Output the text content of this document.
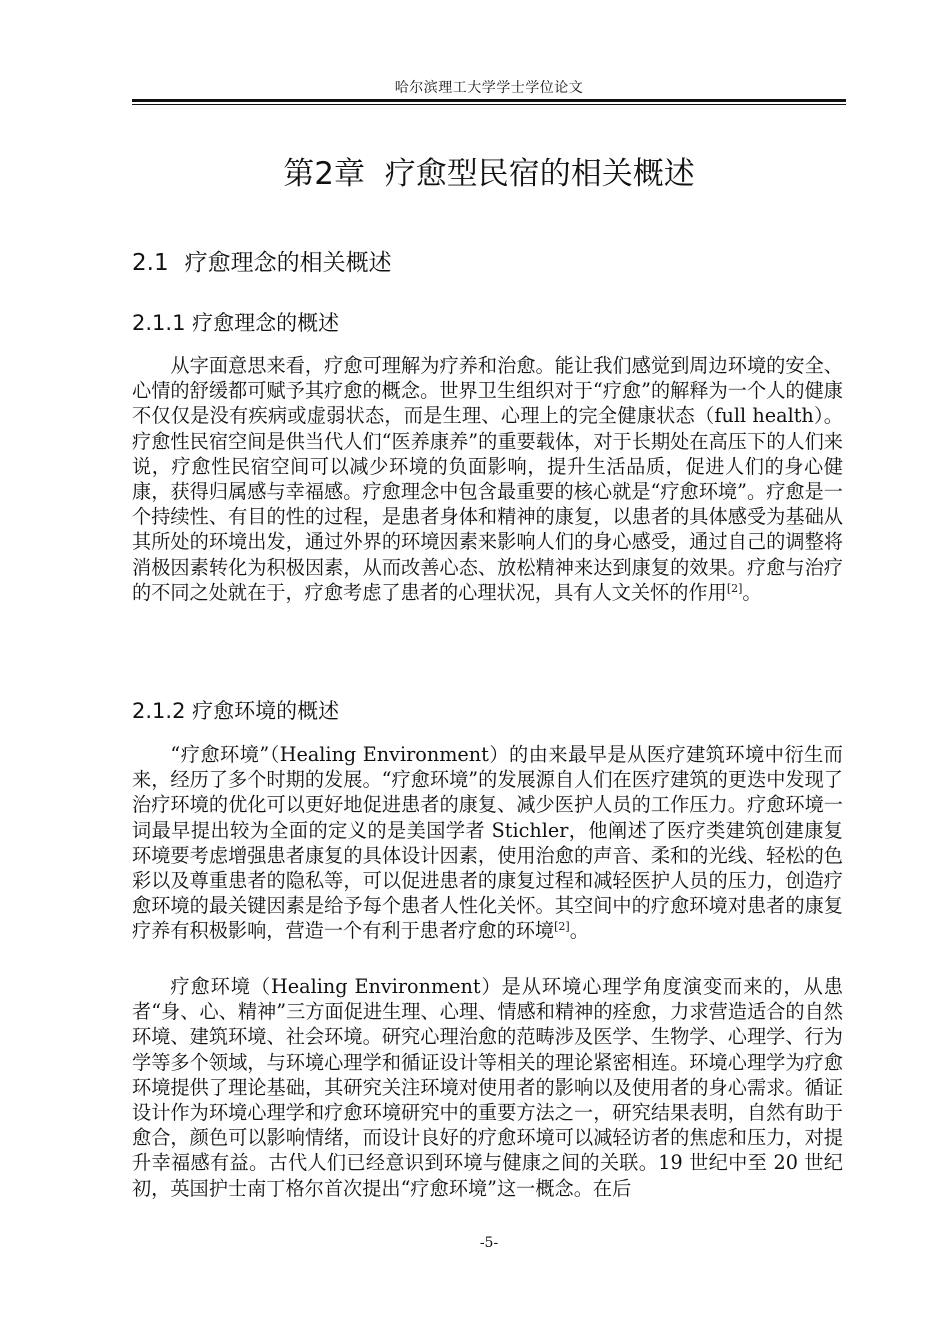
哈尔滨理工大学学士学位论文
第2章  疗愈型民宿的相关概述
2.1 疗愈理念的相关概述
2.1.1 疗愈理念的概述

从字面意思来看，疗愈可理解为疗养和治愈。能让我们感觉到周边环境的安全、心情的舒缓都可赋予其疗愈的概念。世界卫生组织对于“疗愈”的解释为一个人的健康不仅仅是没有疾病或虚弱状态，而是生理、心理上的完全健康状态（full health）。疗愈性民宿空间是供当代人们“医养康养”的重要载体，对于长期处在高压下的人们来说，疗愈性民宿空间可以减少环境的负面影响，提升生活品质，促进人们的身心健康，获得归属感与幸福感。疗愈理念中包含最重要的核心就是“疗愈环境”。疗愈是一个持续性、有目的性的过程，是患者身体和精神的康复，以患者的具体感受为基础从其所处的环境出发，通过外界的环境因素来影响人们的身心感受，通过自己的调整将消极因素转化为积极因素，从而改善心态、放松精神来达到康复的效果。疗愈与治疗的不同之处就在于，疗愈考虑了患者的心理状况，具有人文关怀的作用[2]。

2.1.2 疗愈环境的概述

“疗愈环境”（Healing Environment）的由来最早是从医疗建筑环境中衍生而来，经历了多个时期的发展。“疗愈环境”的发展源自人们在医疗建筑的更迭中发现了治疗环境的优化可以更好地促进患者的康复、减少医护人员的工作压力。疗愈环境一词最早提出较为全面的定义的是美国学者 Stichler，他阐述了医疗类建筑创建康复环境要考虑增强患者康复的具体设计因素，使用治愈的声音、柔和的光线、轻松的色彩以及尊重患者的隐私等，可以促进患者的康复过程和减轻医护人员的压力，创造疗愈环境的最关键因素是给予每个患者人性化关怀。其空间中的疗愈环境对患者的康复疗养有积极影响，营造一个有利于患者疗愈的环境[2]。

疗愈环境（Healing Environment）是从环境心理学角度演变而来的，从患者“身、心、精神”三方面促进生理、心理、情感和精神的痊愈，力求营造适合的自然环境、建筑环境、社会环境。研究心理治愈的范畴涉及医学、生物学、心理学、行为学等多个领域，与环境心理学和循证设计等相关的理论紧密相连。环境心理学为疗愈环境提供了理论基础，其研究关注环境对使用者的影响以及使用者的身心需求。循证设计作为环境心理学和疗愈环境研究中的重要方法之一，研究结果表明，自然有助于愈合，颜色可以影响情绪，而设计良好的疗愈环境可以减轻访者的焦虑和压力，对提升幸福感有益。古代人们已经意识到环境与健康之间的关联。19 世纪中至 20 世纪初，英国护士南丁格尔首次提出“疗愈环境”这一概念。在后

-5-
